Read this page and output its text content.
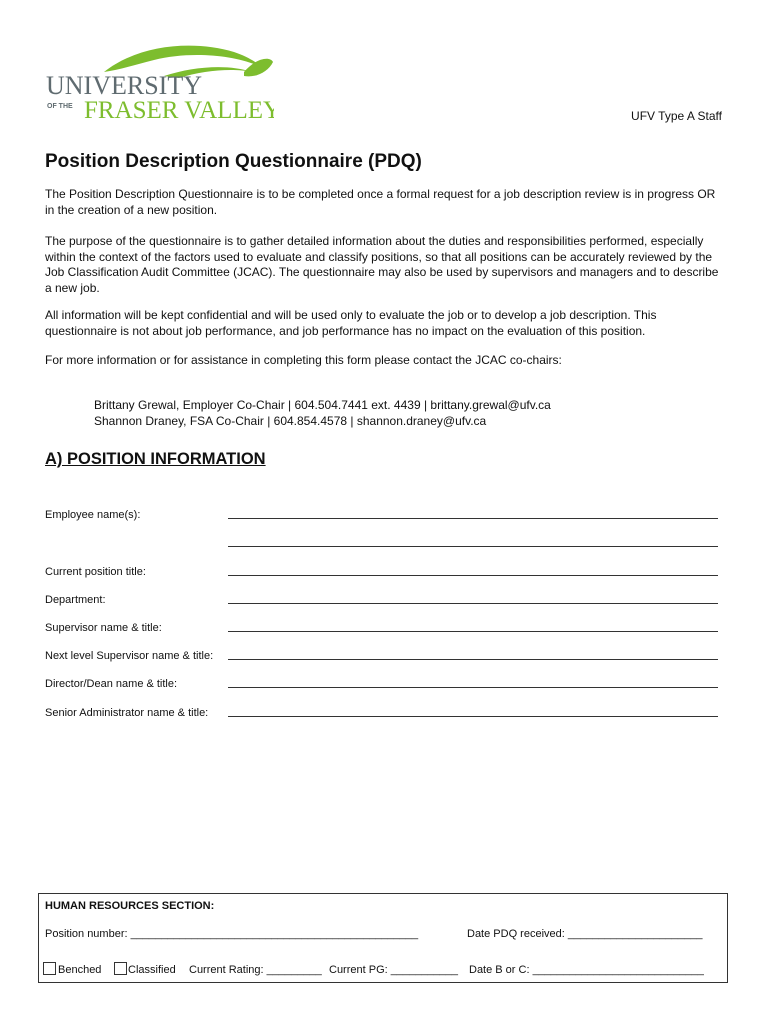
UNIVERSITY
OF THE FRASER VALLEY	UFV Type A Staff
Position Description Questionnaire (PDQ)

The Position Description Questionnaire is to be completed once a formal request for a job description review is in progress OR in the creation of a new position.

The purpose of the questionnaire is to gather detailed information about the duties and responsibilities performed, especially within the context of the factors used to evaluate and classify positions, so that all positions can be accurately reviewed by the Job Classification Audit Committee (JCAC). The questionnaire may also be used by supervisors and managers and to describe a new job.

All information will be kept confidential and will be used only to evaluate the job or to develop a job description. This questionnaire is not about job performance, and job performance has no impact on the evaluation of this position.

For more information or for assistance in completing this form please contact the JCAC co-chairs:

Brittany Grewal, Employer Co-Chair | 604.504.7441 ext. 4439 | brittany.grewal@ufv.ca
Shannon Draney, FSA Co-Chair | 604.854.4578 | shannon.draney@ufv.ca
A) POSITION INFORMATION
Employee name(s):
Current position title:
Department:
Supervisor name & title:
Next level Supervisor name & title:
Director/Dean name & title:
Senior Administrator name & title:
HUMAN RESOURCES SECTION:
Position number: _______________________________________________	Date PDQ received: ______________________
Benched Classified Current Rating: _________ Current PG: ___________ Date B or C: ____________________________
